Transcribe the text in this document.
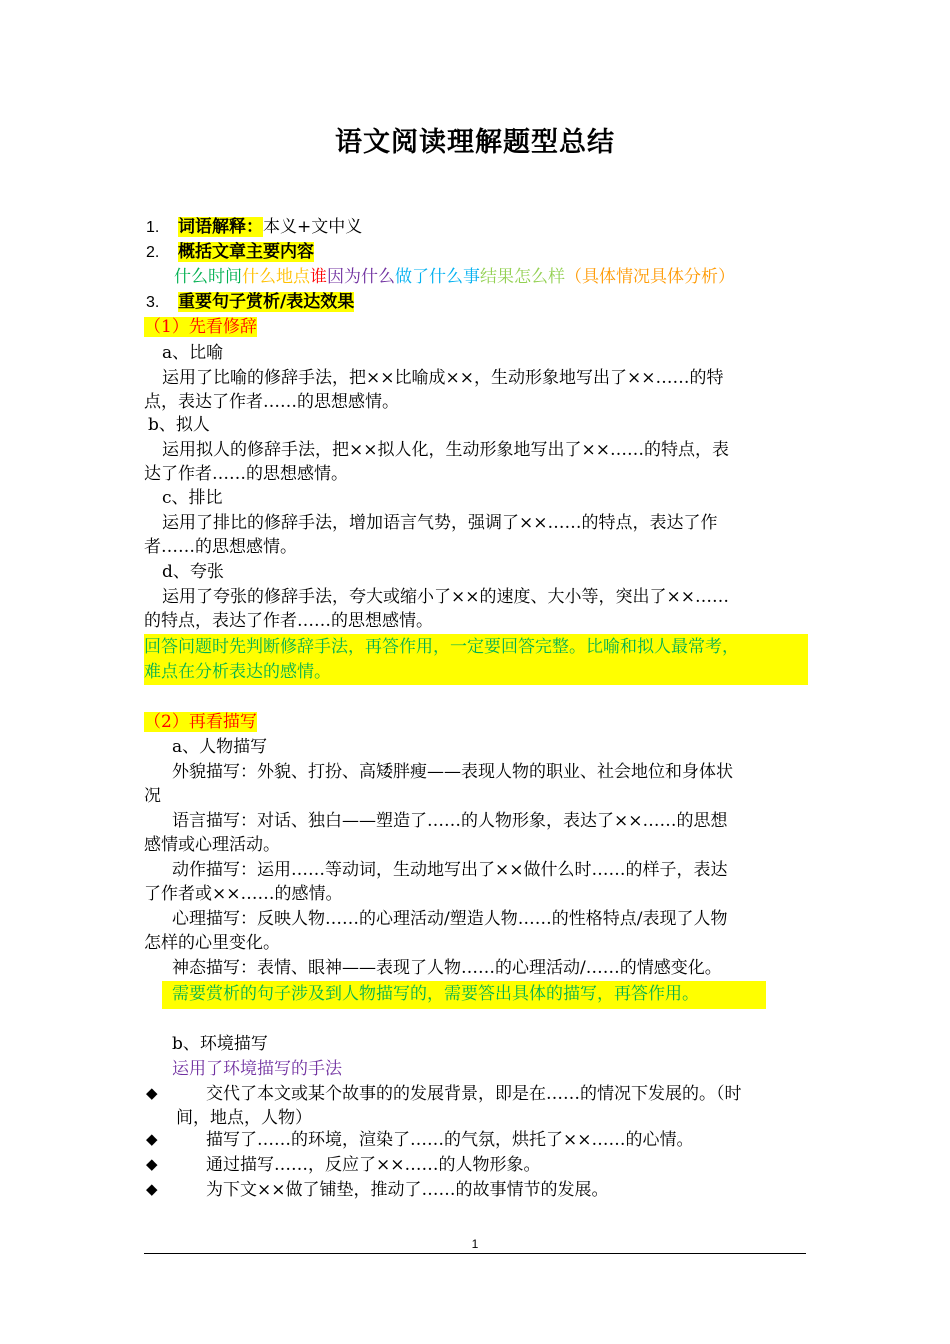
语文阅读理解题型总结
1. 词语解释：本义+文中义
2. 概括文章主要内容
什么时间什么地点谁因为什么做了什么事结果怎么样（具体情况具体分析）
3. 重要句子赏析/表达效果
（1）先看修辞
a、比喻
运用了比喻的修辞手法，把××比喻成××，生动形象地写出了××……的特
点，表达了作者……的思想感情。
b、拟人
运用拟人的修辞手法，把××拟人化，生动形象地写出了××……的特点，表
达了作者……的思想感情。
c、排比
运用了排比的修辞手法，增加语言气势，强调了××……的特点，表达了作
者……的思想感情。
d、夸张
运用了夸张的修辞手法，夸大或缩小了××的速度、大小等，突出了××……
的特点，表达了作者……的思想感情。
回答问题时先判断修辞手法，再答作用，一定要回答完整。比喻和拟人最常考，
难点在分析表达的感情。
（2）再看描写
a、人物描写
外貌描写：外貌、打扮、高矮胖瘦——表现人物的职业、社会地位和身体状
况
语言描写：对话、独白——塑造了……的人物形象，表达了××……的思想
感情或心理活动。
动作描写：运用……等动词，生动地写出了××做什么时……的样子，表达
了作者或××……的感情。
心理描写：反映人物……的心理活动/塑造人物……的性格特点/表现了人物
怎样的心里变化。
神态描写：表情、眼神——表现了人物……的心理活动/……的情感变化。
需要赏析的句子涉及到人物描写的，需要答出具体的描写，再答作用。
b、环境描写
运用了环境描写的手法
◆	交代了本文或某个故事的的发展背景，即是在……的情况下发展的。（时
间，地点，人物）
◆	描写了……的环境，渲染了……的气氛，烘托了××……的心情。
◆	通过描写……，反应了××……的人物形象。
◆	为下文××做了铺垫，推动了……的故事情节的发展。
1
